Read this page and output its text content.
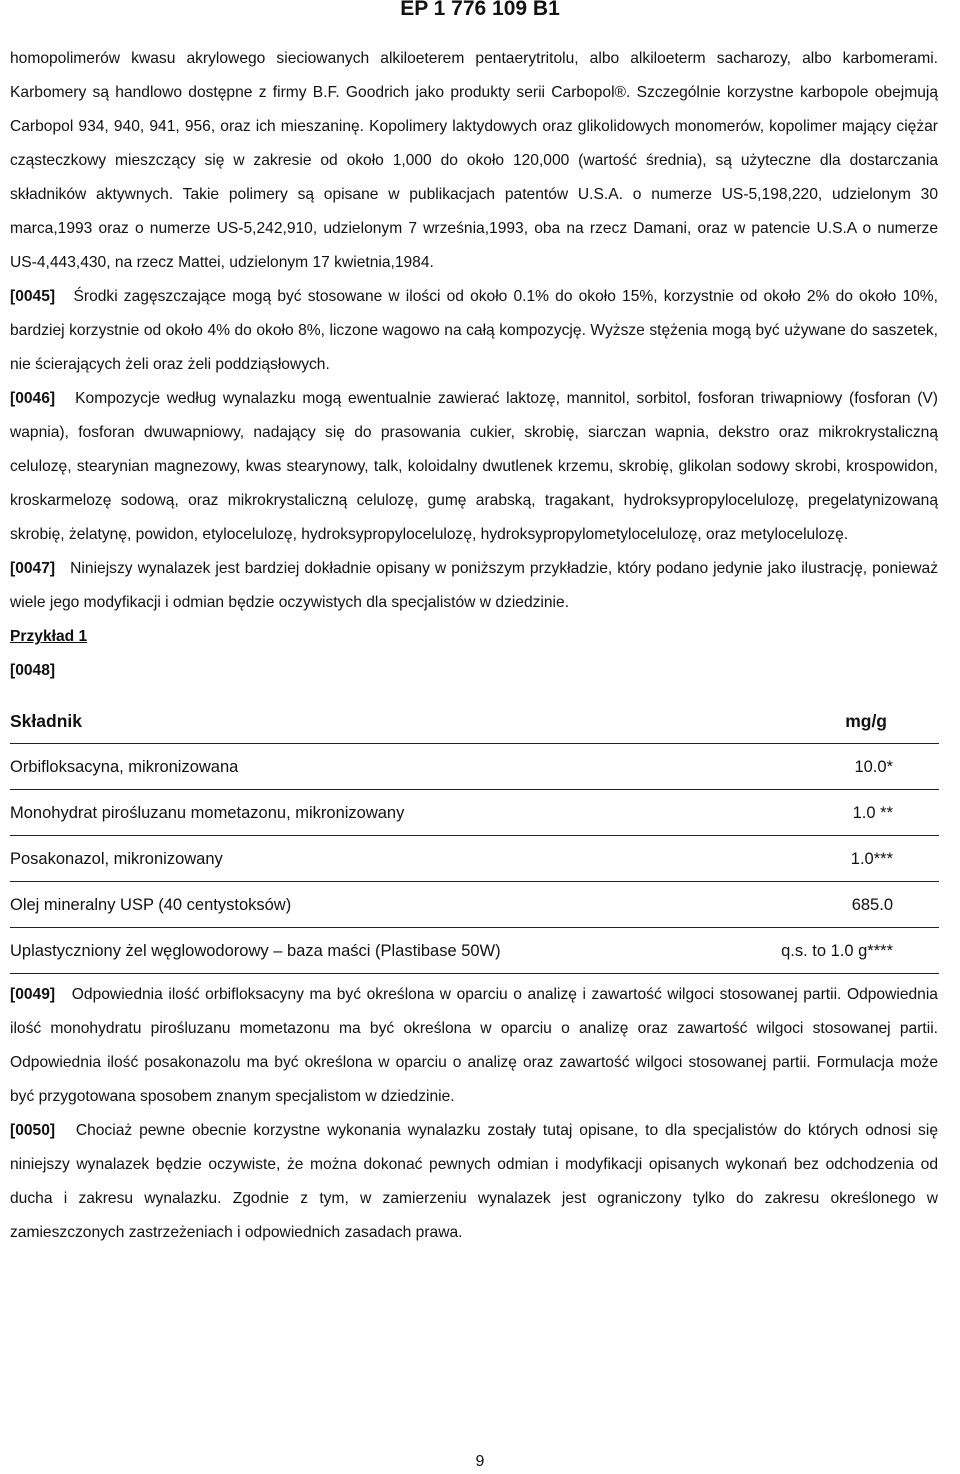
EP 1 776 109 B1

homopolimerów kwasu akrylowego sieciowanych alkiloeterem pentaerytritolu, albo alkiloeterm sacharozy, albo karbomerami. Karbomery są handlowo dostępne z firmy B.F. Goodrich jako produkty serii Carbopol®. Szczególnie korzystne karbopole obejmują Carbopol 934, 940, 941, 956, oraz ich mieszaninę. Kopolimery laktydowych oraz glikolidowych monomerów, kopolimer mający ciężar cząsteczkowy mieszczący się w zakresie od około 1,000 do około 120,000 (wartość średnia), są użyteczne dla dostarczania składników aktywnych. Takie polimery są opisane w publikacjach patentów U.S.A. o numerze US-5,198,220, udzielonym 30 marca,1993 oraz o numerze US-5,242,910, udzielonym 7 września,1993, oba na rzecz Damani, oraz w patencie U.S.A o numerze US-4,443,430, na rzecz Mattei, udzielonym 17 kwietnia,1984.

[0045] Środki zagęszczające mogą być stosowane w ilości od około 0.1% do około 15%, korzystnie od około 2% do około 10%, bardziej korzystnie od około 4% do około 8%, liczone wagowo na całą kompozycję. Wyższe stężenia mogą być używane do saszetek, nie ścierających żeli oraz żeli poddziąsłowych.

[0046] Kompozycje według wynalazku mogą ewentualnie zawierać laktozę, mannitol, sorbitol, fosforan triwapniowy (fosforan (V) wapnia), fosforan dwuwapniowy, nadający się do prasowania cukier, skrobię, siarczan wapnia, dekstro oraz mikrokrystaliczną celulozę, stearynian magnezowy, kwas stearynowy, talk, koloidalny dwutlenek krzemu, skrobię, glikolan sodowy skrobi, krospowidon, kroskarmelozę sodową, oraz mikrokrystaliczną celulozę, gumę arabską, tragakant, hydroksypropylocelulozę, pregelatynizowaną skrobię, żelatynę, powidon, etylocelulozę, hydroksypropylocelulozę, hydroksypropylometylocelulozę, oraz metylocelulozę.

[0047] Niniejszy wynalazek jest bardziej dokładnie opisany w poniższym przykładzie, który podano jedynie jako ilustrację, ponieważ wiele jego modyfikacji i odmian będzie oczywistych dla specjalistów w dziedzinie.

Przykład 1

[0048]

Składnik	mg/g
Orbifloksacyna, mikronizowana	10.0*
Monohydrat pirośluzanu mometazonu, mikronizowany	1.0 **
Posakonazol, mikronizowany	1.0***
Olej mineralny USP (40 centystoksów)	685.0
Uplastyczniony żel węglowodorowy – baza maści (Plastibase 50W)	q.s. to 1.0 g****

[0049] Odpowiednia ilość orbifloksacyny ma być określona w oparciu o analizę i zawartość wilgoci stosowanej partii. Odpowiednia ilość monohydratu pirośluzanu mometazonu ma być określona w oparciu o analizę oraz zawartość wilgoci stosowanej partii. Odpowiednia ilość posakonazolu ma być określona w oparciu o analizę oraz zawartość wilgoci stosowanej partii. Formulacja może być przygotowana sposobem znanym specjalistom w dziedzinie.

[0050] Chociaż pewne obecnie korzystne wykonania wynalazku zostały tutaj opisane, to dla specjalistów do których odnosi się niniejszy wynalazek będzie oczywiste, że można dokonać pewnych odmian i modyfikacji opisanych wykonań bez odchodzenia od ducha i zakresu wynalazku. Zgodnie z tym, w zamierzeniu wynalazek jest ograniczony tylko do zakresu określonego w zamieszczonych zastrzeżeniach i odpowiednich zasadach prawa.

9
